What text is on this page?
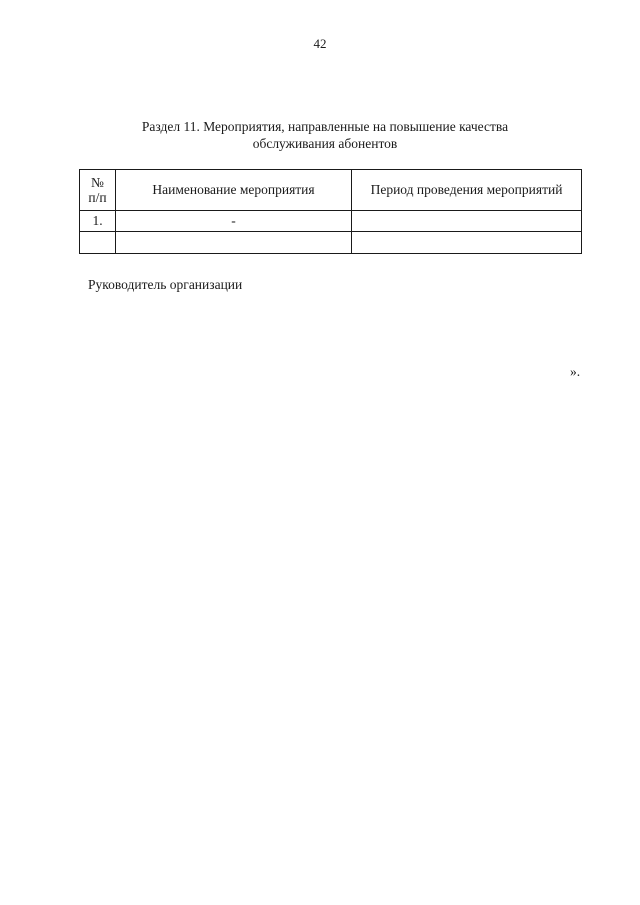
42
Раздел 11. Мероприятия, направленные на повышение качества
обслуживания абонентов
№
п/п	Наименование мероприятия	Период проведения мероприятий
1.	-	

Руководитель организации
».
